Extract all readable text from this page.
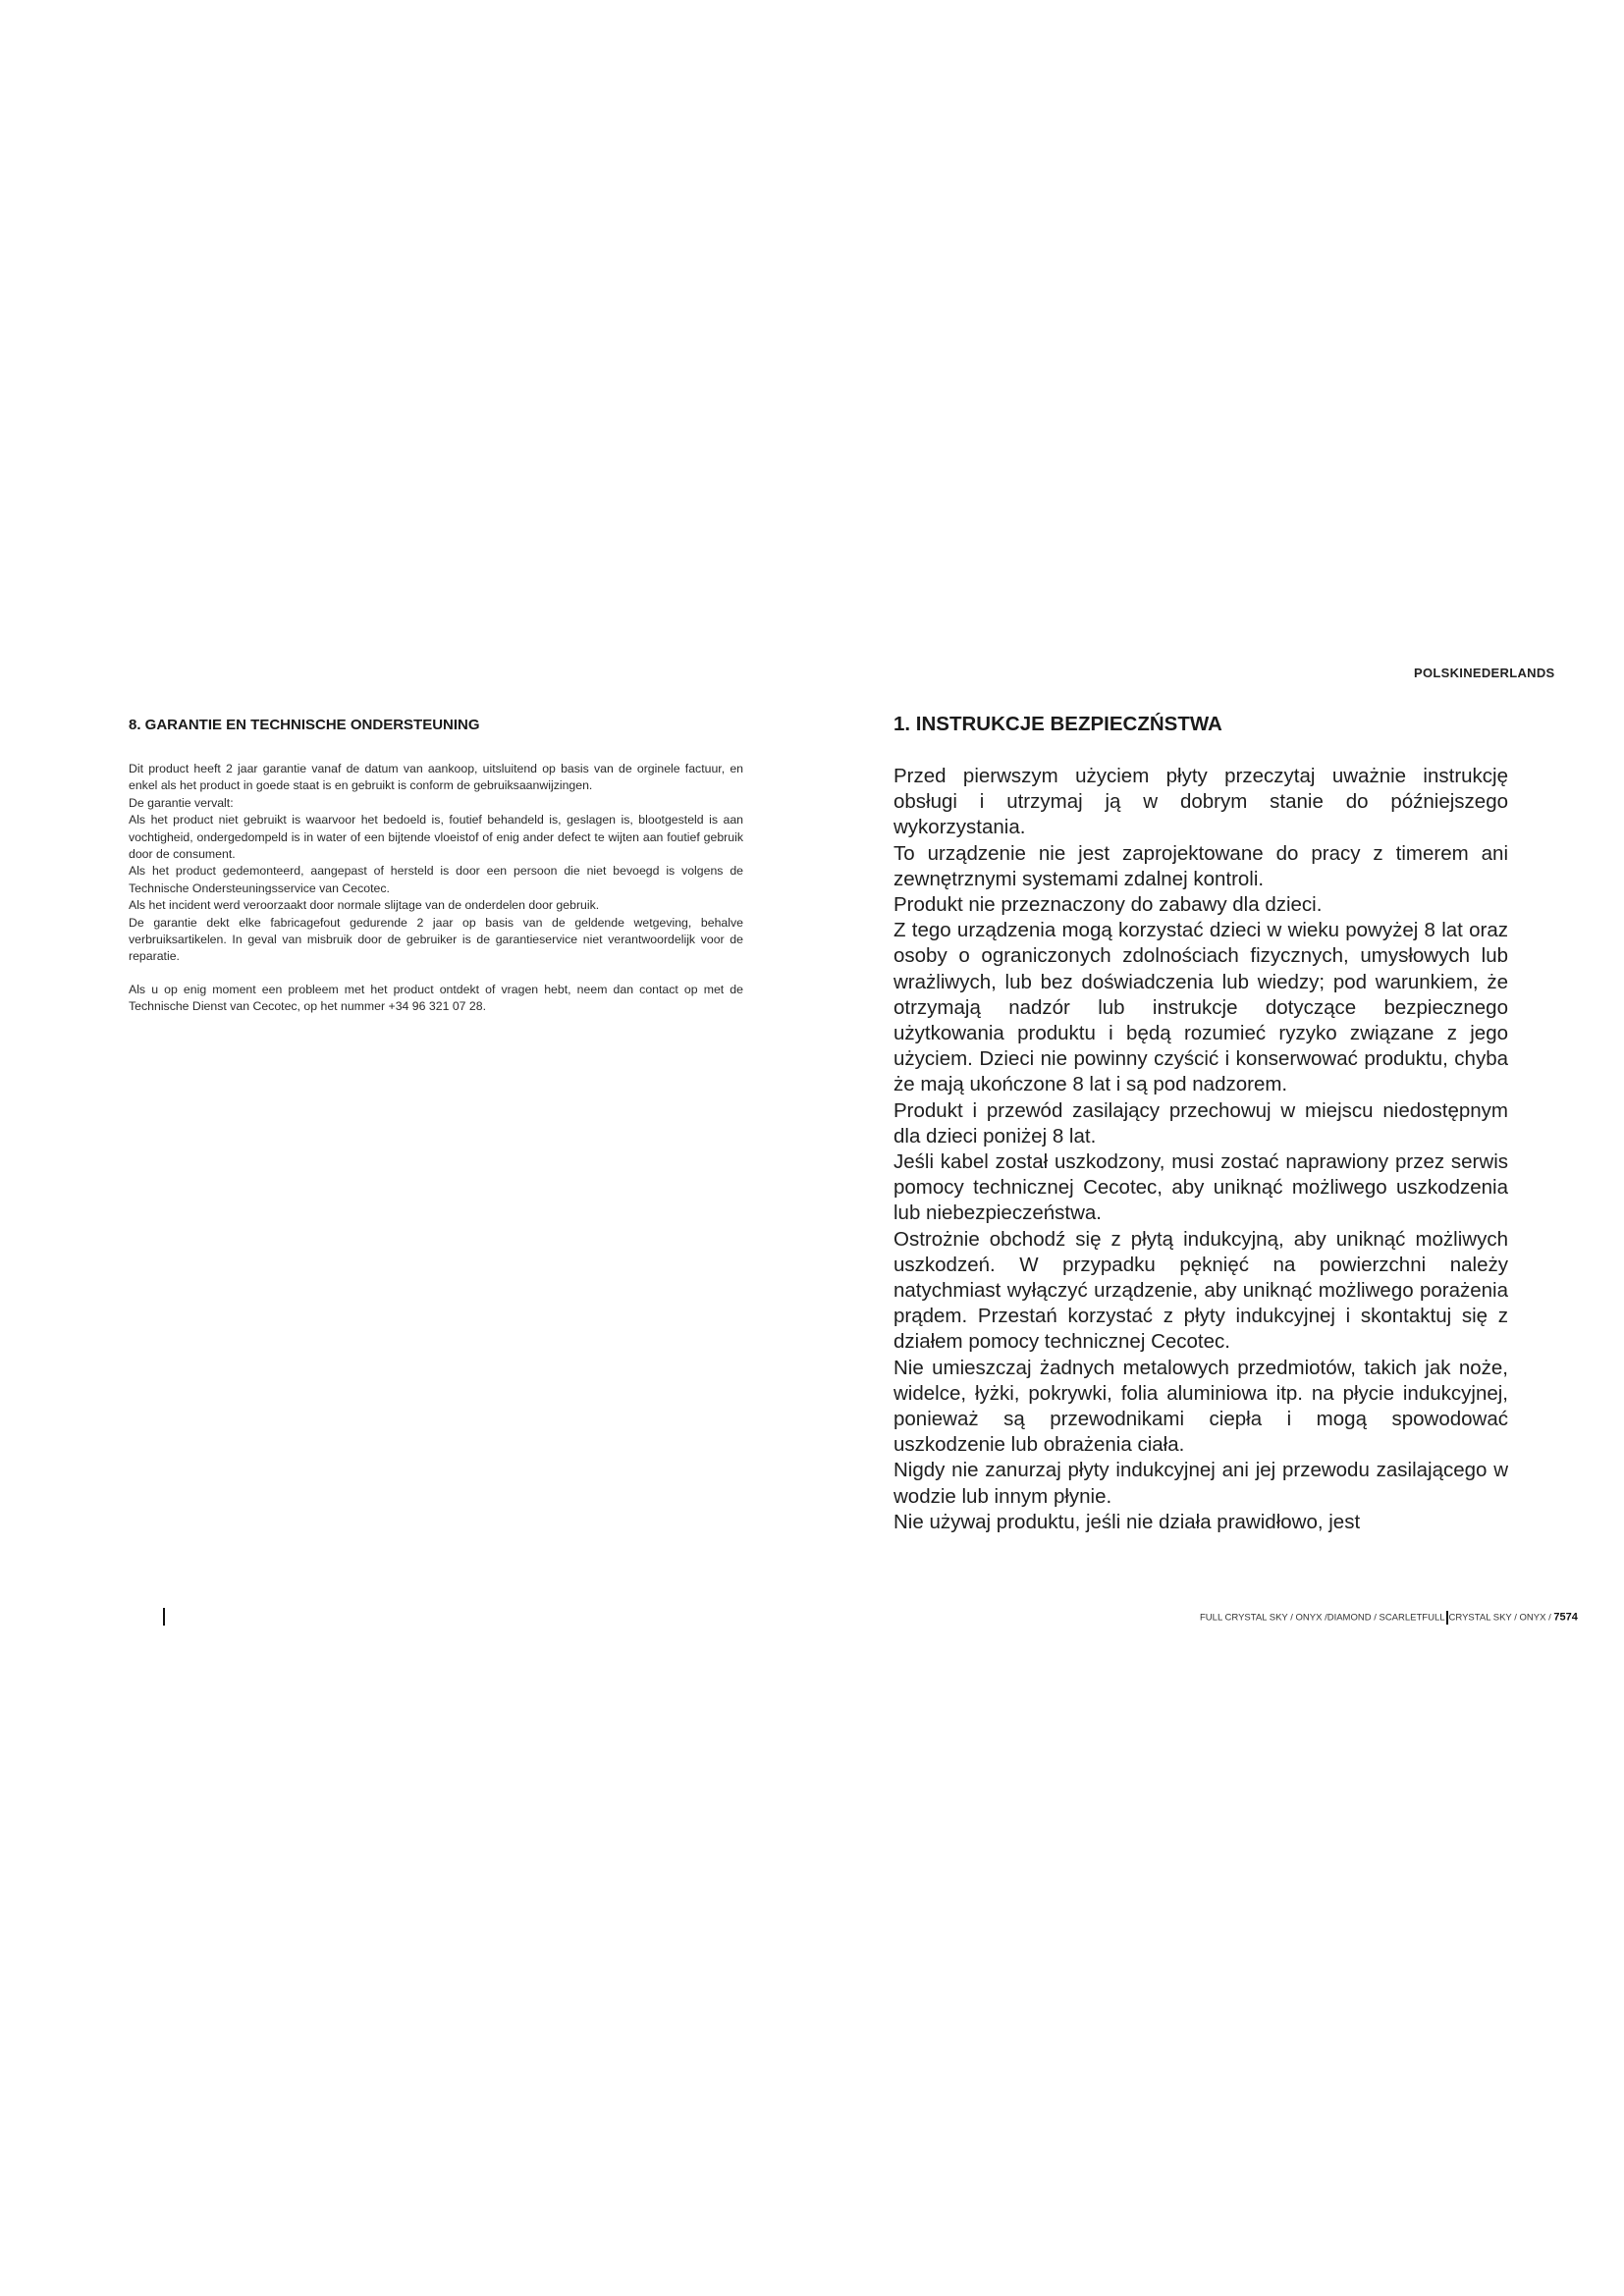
POLSKINEDERLANDS
8. GARANTIE EN TECHNISCHE ONDERSTEUNING

Dit product heeft 2 jaar garantie vanaf de datum van aankoop, uitsluitend op basis van de orginele factuur, en enkel als het product in goede staat is en gebruikt is conform de gebruiksaanwijzingen.

De garantie vervalt:

Als het product niet gebruikt is waarvoor het bedoeld is, foutief behandeld is, geslagen is, blootgesteld is aan vochtigheid, ondergedompeld is in water of een bijtende vloeistof of enig ander defect te wijten aan foutief gebruik door de consument.

Als het product gedemonteerd, aangepast of hersteld is door een persoon die niet bevoegd is volgens de Technische Ondersteuningsservice van Cecotec.

Als het incident werd veroorzaakt door normale slijtage van de onderdelen door gebruik.

De garantie dekt elke fabricagefout gedurende 2 jaar op basis van de geldende wetgeving, behalve verbruiksartikelen. In geval van misbruik door de gebruiker is de garantieservice niet verantwoordelijk voor de reparatie.

Als u op enig moment een probleem met het product ontdekt of vragen hebt, neem dan contact op met de Technische Dienst van Cecotec, op het nummer +34 96 321 07 28.

1. INSTRUKCJE BEZPIECZŃSTWA

Przed pierwszym użyciem płyty przeczytaj uważnie instrukcję obsługi i utrzymaj ją w dobrym stanie do późniejszego wykorzystania.

To urządzenie nie jest zaprojektowane do pracy z timerem ani zewnętrznymi systemami zdalnej kontroli.

Produkt nie przeznaczony do zabawy dla dzieci.

Z tego urządzenia mogą korzystać dzieci w wieku powyżej 8 lat oraz osoby o ograniczonych zdolnościach fizycznych, umysłowych lub wrażliwych, lub bez doświadczenia lub wiedzy; pod warunkiem, że otrzymają nadzór lub instrukcje dotyczące bezpiecznego użytkowania produktu i będą rozumieć ryzyko związane z jego użyciem. Dzieci nie powinny czyścić i konserwować produktu, chyba że mają ukończone 8 lat i są pod nadzorem.

Produkt i przewód zasilający przechowuj w miejscu niedostępnym dla dzieci poniżej 8 lat.

Jeśli kabel został uszkodzony, musi zostać naprawiony przez serwis pomocy technicznej Cecotec, aby uniknąć możliwego uszkodzenia lub niebezpieczeństwa.

Ostrożnie obchodź się z płytą indukcyjną, aby uniknąć możliwych uszkodzeń. W przypadku pęknięć na powierzchni należy natychmiast wyłączyć urządzenie, aby uniknąć możliwego porażenia prądem. Przestań korzystać z płyty indukcyjnej i skontaktuj się z działem pomocy technicznej Cecotec.

Nie umieszczaj żadnych metalowych przedmiotów, takich jak noże, widelce, łyżki, pokrywki, folia aluminiowa itp. na płycie indukcyjnej, ponieważ są przewodnikami ciepła i mogą spowodować uszkodzenie lub obrażenia ciała.

Nigdy nie zanurzaj płyty indukcyjnej ani jej przewodu zasilającego w wodzie lub innym płynie.

Nie używaj produktu, jeśli nie działa prawidłowo, jest

FULL CRYSTAL SKY / ONYX /DIAMOND / SCARLETFULL CRYSTAL SKY / ONYX / 7574
